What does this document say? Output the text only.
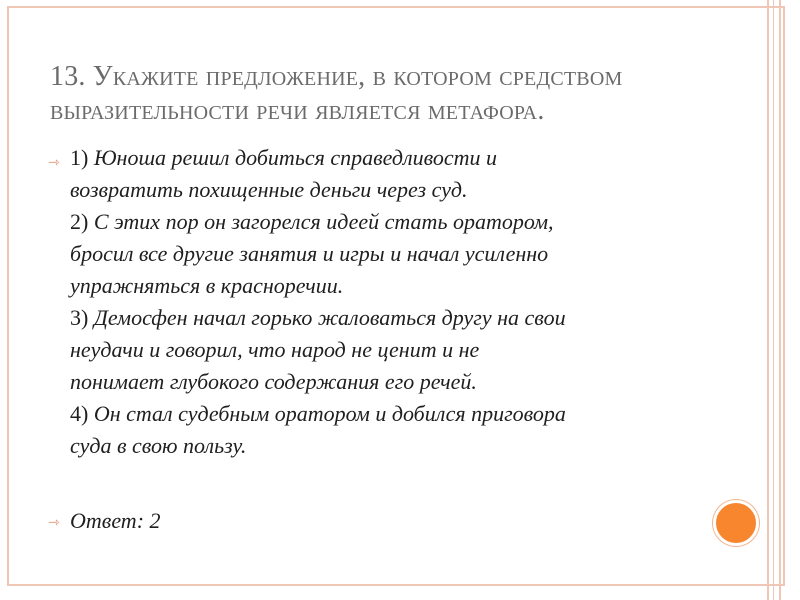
13. Укажите предложение, в котором средством
выразительности речи является метафора.
⇾ 1) Юноша решил добиться справедливости и
возвратить похищенные деньги через суд.
2) С этих пор он загорелся идеей стать оратором,
бросил все другие занятия и игры и начал усиленно
упражняться в красноречии.
3) Демосфен начал горько жаловаться другу на свои
неудачи и говорил, что народ не ценит и не
понимает глубокого содержания его речей.
4) Он стал судебным оратором и добился приговора
суда в свою пользу.
⇾ Ответ: 2
